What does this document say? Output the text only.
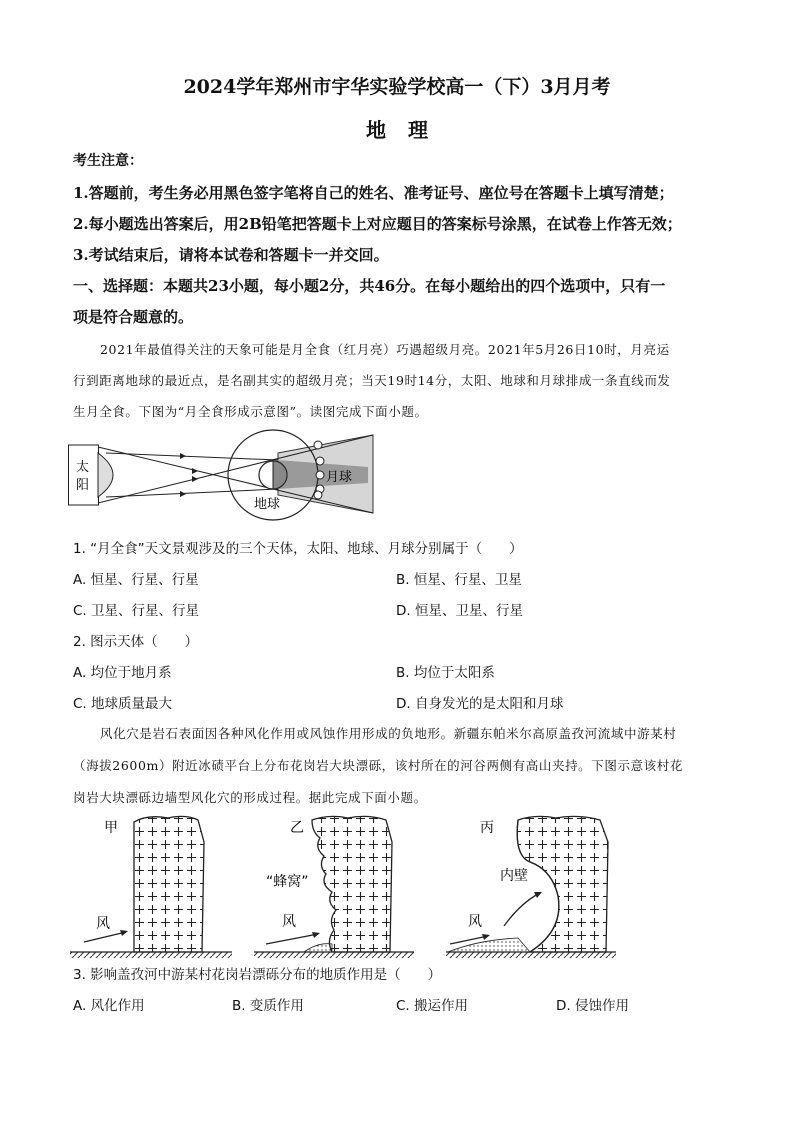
2024学年郑州市宇华实验学校高一（下）3月月考
地理
考生注意：
1.答题前，考生务必用黑色签字笔将自己的姓名、准考证号、座位号在答题卡上填写清楚；
2.每小题选出答案后，用2B铅笔把答题卡上对应题目的答案标号涂黑，在试卷上作答无效；
3.考试结束后，请将本试卷和答题卡一并交回。
一、选择题：本题共23小题，每小题2分，共46分。在每小题给出的四个选项中，只有一
项是符合题意的。
2021年最值得关注的天象可能是月全食（红月亮）巧遇超级月亮。2021年5月26日10时，月亮运
行到距离地球的最近点，是名副其实的超级月亮；当天19时14分，太阳、地球和月球排成一条直线而发
生月全食。下图为“月全食形成示意图”。读图完成下面小题。
太
阳
月球
地球
1. “月全食”天文景观涉及的三个天体，太阳、地球、月球分别属于（　　）
A. 恒星、行星、行星	B. 恒星、行星、卫星
C. 卫星、行星、行星	D. 恒星、卫星、行星
2. 图示天体（　　）
A. 均位于地月系	B. 均位于太阳系
C. 地球质量最大	D. 自身发光的是太阳和月球
风化穴是岩石表面因各种风化作用或风蚀作用形成的负地形。新疆东帕米尔高原盖孜河流域中游某村
（海拔2600m）附近冰碛平台上分布花岗岩大块漂砾，该村所在的河谷两侧有高山夹持。下图示意该村花
岗岩大块漂砾边墙型风化穴的形成过程。据此完成下面小题。
甲
风
乙
“蜂窝”
风
丙
内壁
风
3. 影响盖孜河中游某村花岗岩漂砾分布的地质作用是（　　）
A. 风化作用	B. 变质作用	C. 搬运作用	D. 侵蚀作用
